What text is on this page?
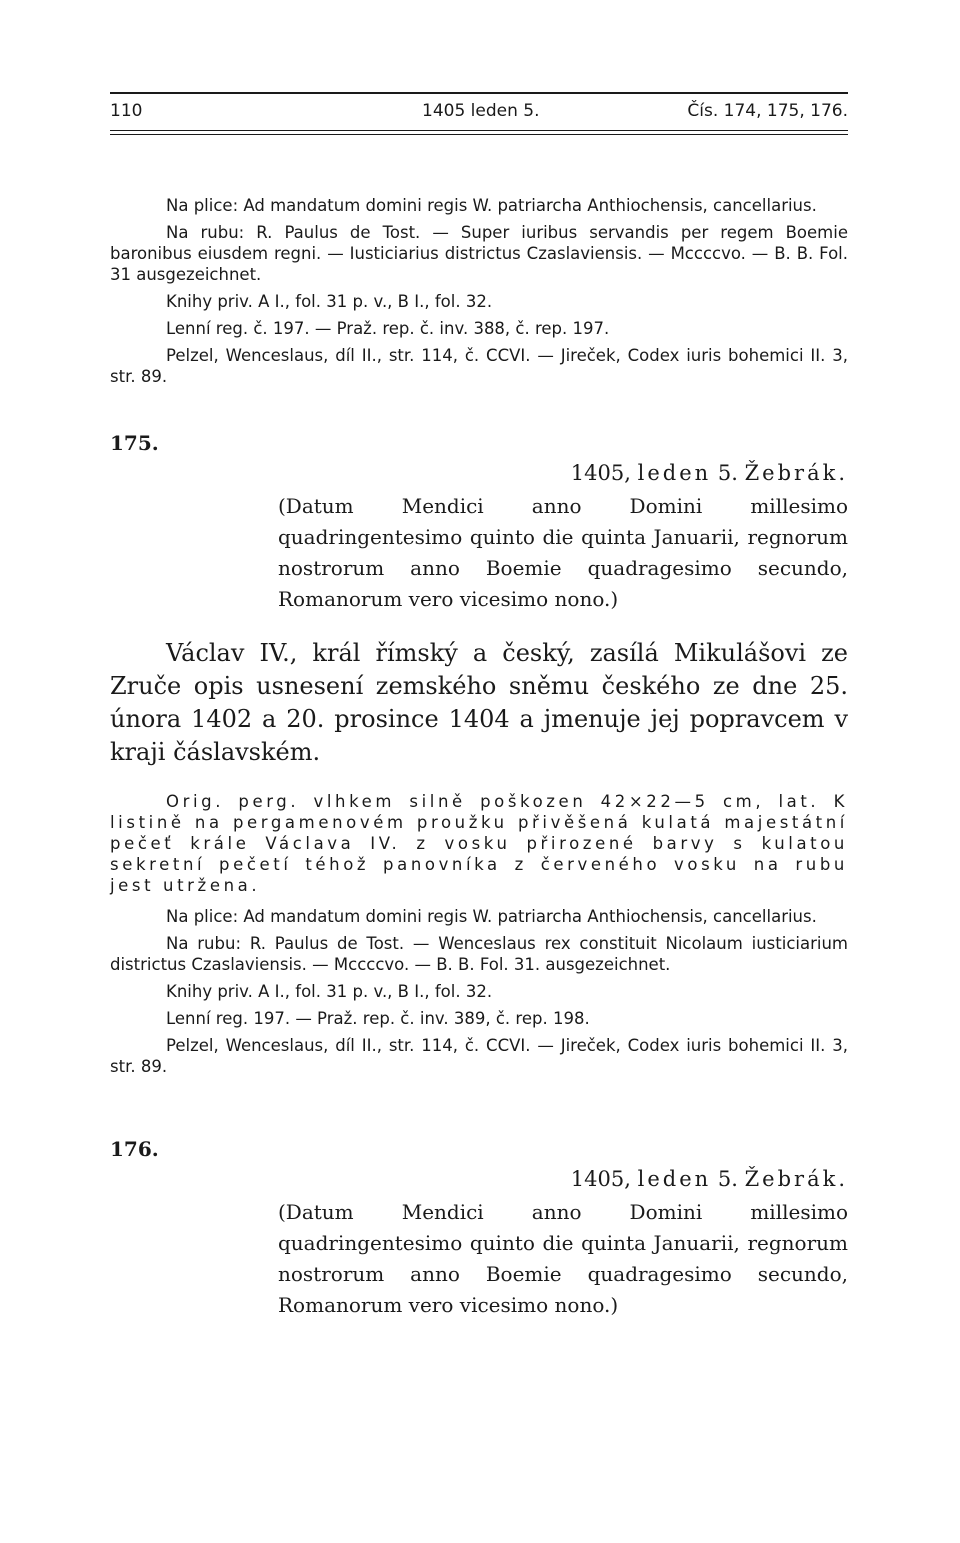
110	1405 leden 5.	Čís. 174, 175, 176.

Na plice: Ad mandatum domini regis W. patriarcha Anthiochensis, cancellarius.

Na rubu: R. Paulus de Tost. — Super iuribus servandis per regem Boemie baronibus eiusdem regni. — Iusticiarius districtus Czaslaviensis. — Mccccvo. — B. B. Fol. 31 ausgezeichnet.

Knihy priv. A I., fol. 31 p. v., B I., fol. 32.

Lenní reg. č. 197. — Praž. rep. č. inv. 388, č. rep. 197.

Pelzel, Wenceslaus, díl II., str. 114, č. CCVI. — Jireček, Codex iuris bohemici II. 3, str. 89.

175.
1405, leden 5. Žebrák.
(Datum Mendici anno Domini millesimo quadringentesimo quinto die quinta Januarii, regnorum nostrorum anno Boemie quadragesimo secundo, Romanorum vero vicesimo nono.)
Václav IV., král římský a český, zasílá Mikulášovi ze Zruče opis usnesení zemského sněmu českého ze dne 25. února 1402 a 20. prosince 1404 a jmenuje jej popravcem v kraji čáslavském.
Orig. perg. vlhkem silně poškozen 42×22—5 cm, lat. K listině na pergamenovém proužku přivěšená kulatá majestátní pečeť krále Václava IV. z vosku přirozené barvy s kulatou sekretní pečetí téhož panovníka z červeného vosku na rubu jest utržena.

Na plice: Ad mandatum domini regis W. patriarcha Anthiochensis, cancellarius.

Na rubu: R. Paulus de Tost. — Wenceslaus rex constituit Nicolaum iusticiarium districtus Czaslaviensis. — Mccccvo. — B. B. Fol. 31. ausgezeichnet.

Knihy priv. A I., fol. 31 p. v., B I., fol. 32.

Lenní reg. 197. — Praž. rep. č. inv. 389, č. rep. 198.

Pelzel, Wenceslaus, díl II., str. 114, č. CCVI. — Jireček, Codex iuris bohemici II. 3, str. 89.

176.
1405, leden 5. Žebrák.
(Datum Mendici anno Domini millesimo quadringentesimo quinto die quinta Januarii, regnorum nostrorum anno Boemie quadragesimo secundo, Romanorum vero vicesimo nono.)
